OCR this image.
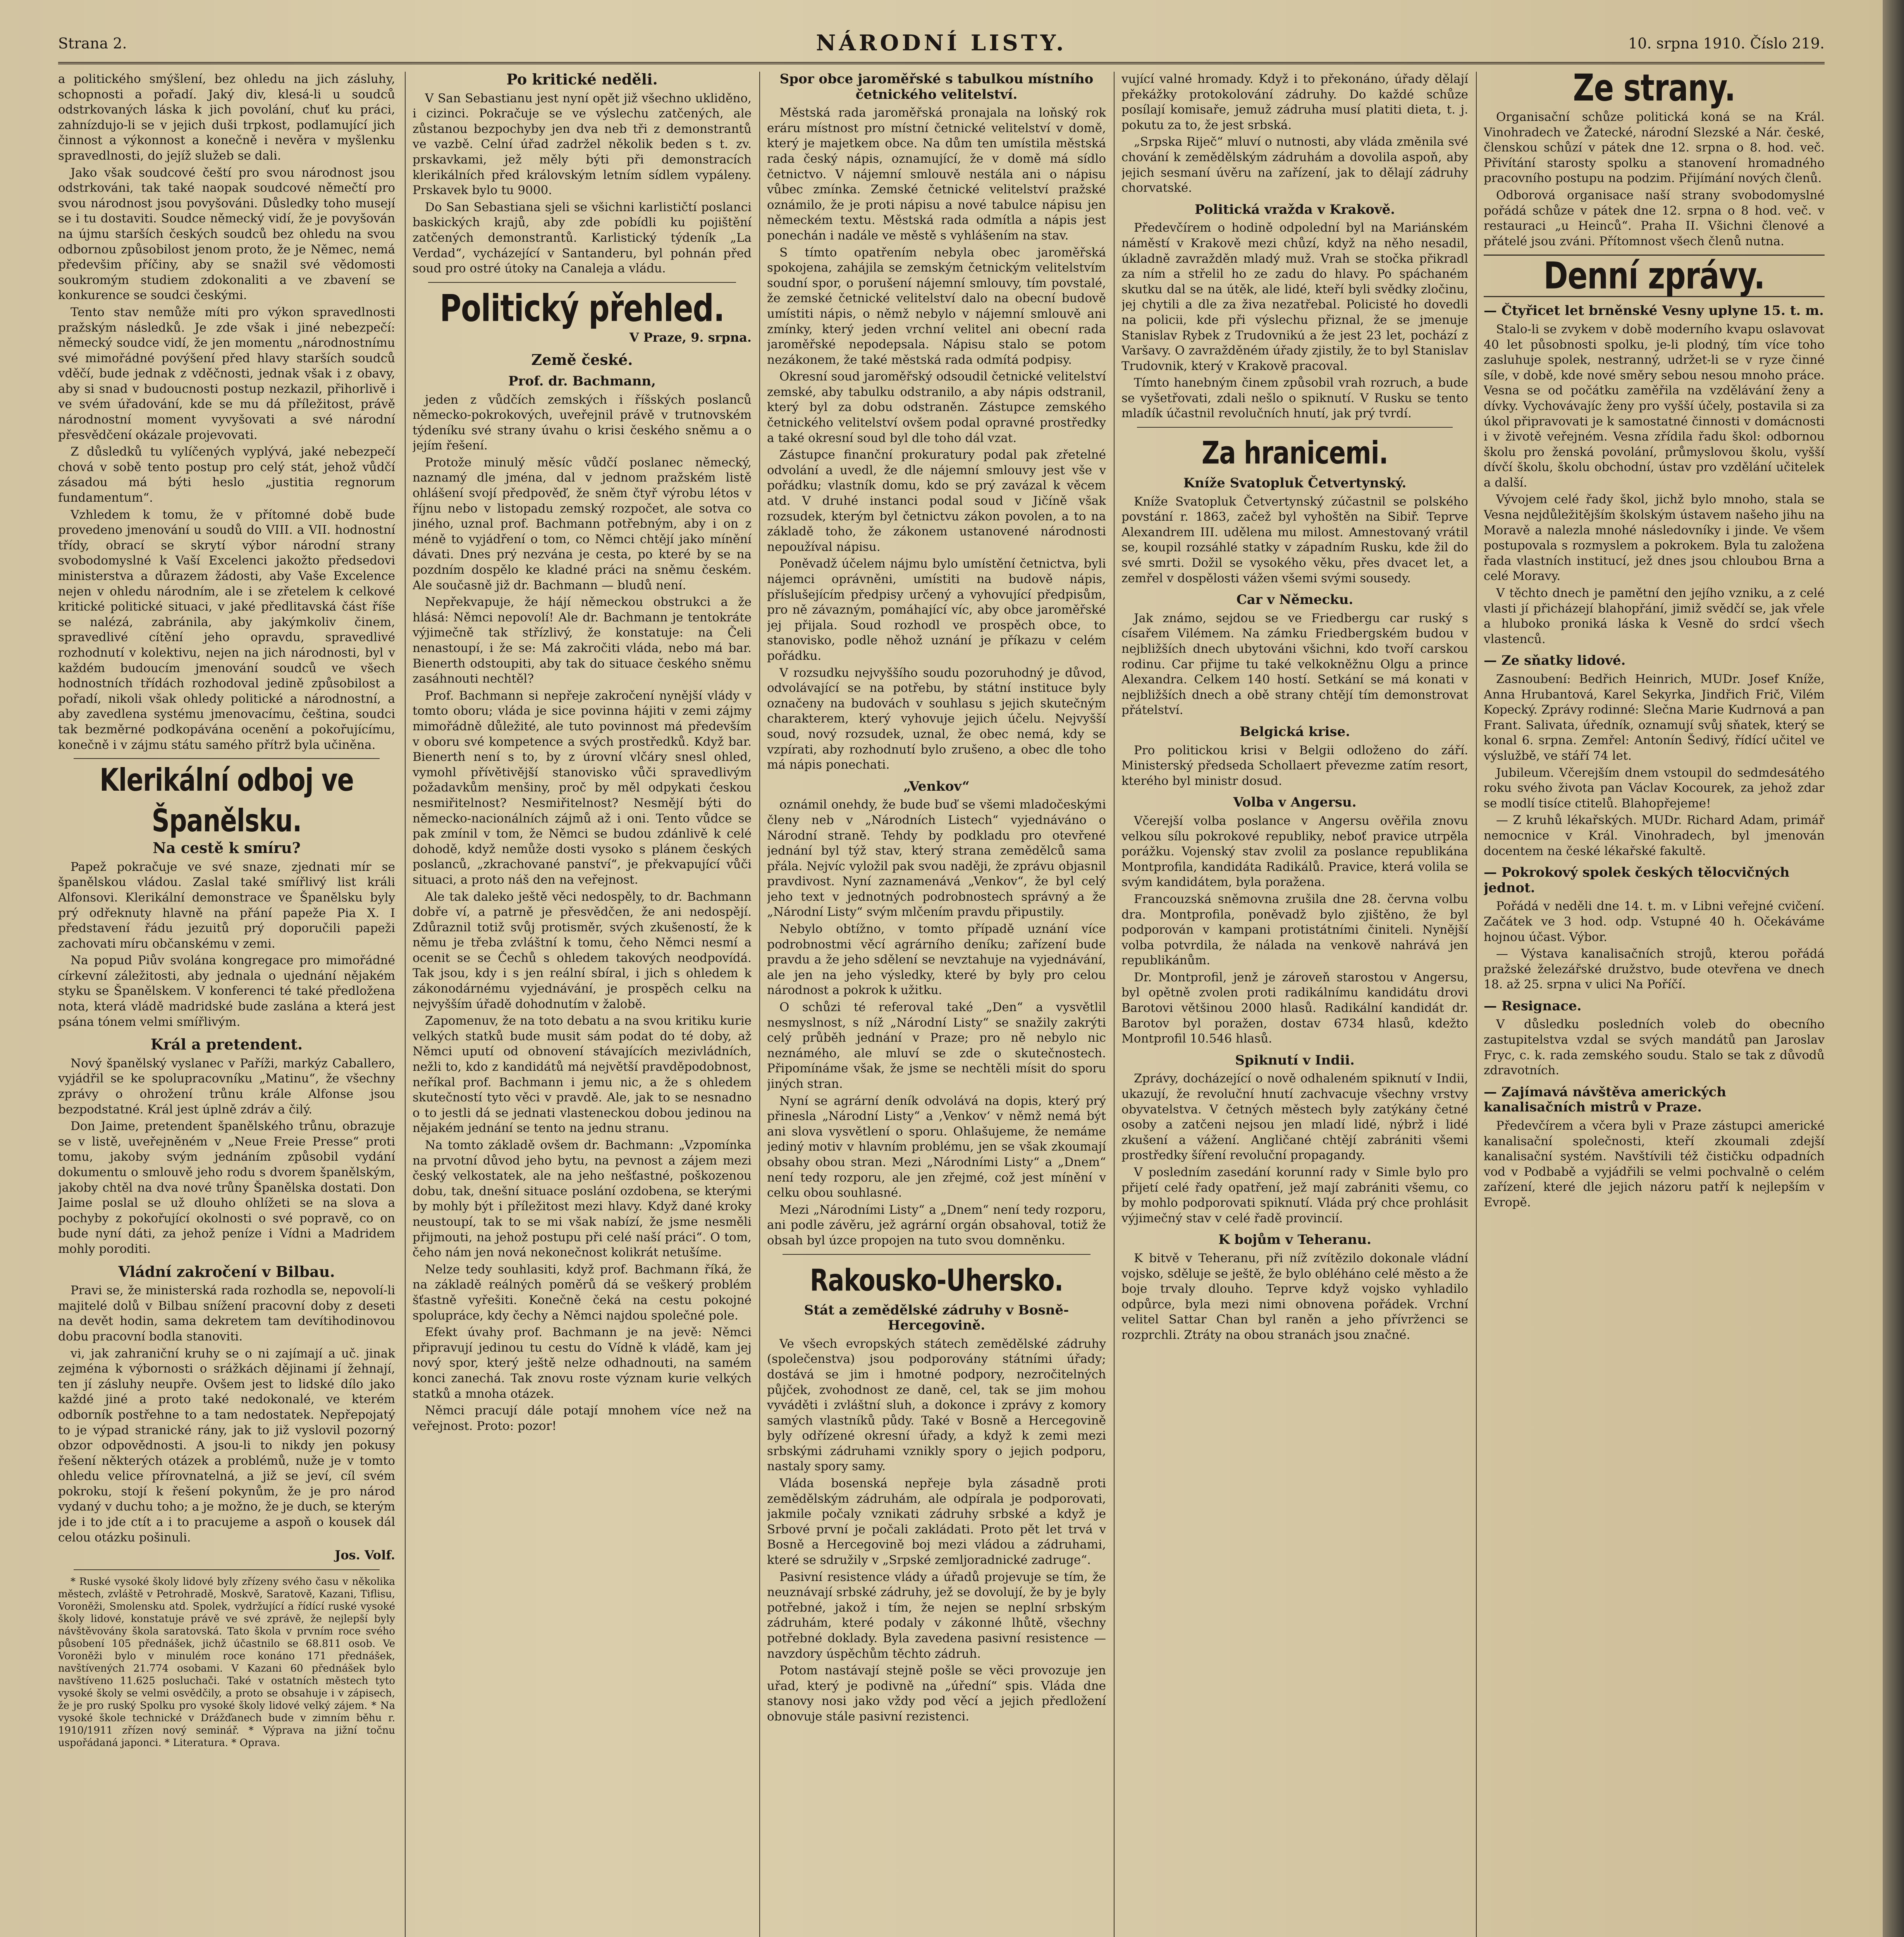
Strana 2.	NÁRODNÍ LISTY.	10. srpna 1910. Číslo 219.

a politického smýšlení, bez ohledu na jich zásluhy, schopnosti a pořadí. Jaký div, klesá-li u soudců odstrkovaných láska k jich povolání, chuť ku práci, zahnízdujo-li se v jejich duši trpkost, podlamující jich činnost a výkonnost a konečně i nevěra v myšlenku spravedlnosti, do jejíž služeb se dali.

Jako však soudcové čeští pro svou národnost jsou odstrkováni, tak také naopak soudcové němečtí pro svou národnost jsou povyšováni. Důsledky toho musejí se i tu dostaviti. Soudce německý vidí, že je povyšován na újmu starších českých soudců bez ohledu na svou odbornou způsobilost jenom proto, že je Němec, nemá předevšim příčiny, aby se snažil své vědomosti soukromým studiem zdokonaliti a ve zbavení se konkurence se soudci českými.

Tento stav nemůže míti pro výkon spravedlnosti pražským následků. Je zde však i jiné nebezpečí: německý soudce vidí, že jen momentu „národnostnímu své mimořádné povýšení před hlavy starších soudců vděčí, bude jednak z vděčnosti, jednak však i z obavy, aby si snad v budoucnosti postup nezkazil, přihorlivě i ve svém úřadování, kde se mu dá příležitost, právě národnostní moment vyvyšovati a své národní přesvědčení okázale projevovati.

Z důsledků tu vylíčených vyplývá, jaké nebezpečí chová v sobě tento postup pro celý stát, jehož vůdčí zásadou má býti heslo „justitia regnorum fundamentum“.

Vzhledem k tomu, že v přítomné době bude provedeno jmenování u soudů do VIII. a VII. hodnostní třídy, obrací se skrytí výbor národní strany svobodomyslné k Vaší Excelenci jakožto předsedovi ministerstva a důrazem žádosti, aby Vaše Excelence nejen v ohledu národním, ale i se zřetelem k celkové kritické politické situaci, v jaké předlitavská část říše se nalézá, zabránila, aby jakýmkoliv činem, spravedlivé cítění jeho opravdu, spravedlivé rozhodnutí v kolektivu, nejen na jich národnosti, byl v každém budoucím jmenování soudců ve všech hodnostních třídách rozhodoval jedině způsobilost a pořadí, nikoli však ohledy politické a národnostní, a aby zavedlena systému jmenovacímu, čeština, soudci tak bezměrné podkopávána ocenění a pokořujícímu, konečně i v zájmu státu samého přítrž byla učiněna.

Klerikální odboj ve Španělsku.
Na cestě k smíru?

Papež pokračuje ve své snaze, zjednati mír se španělskou vládou. Zaslal také smířlivý list králi Alfonsovi. Klerikální demonstrace ve Španělsku byly prý odřeknuty hlavně na přání papeže Pia X. I představení řádu jezuitů prý doporučili papeži zachovati míru občanskému v zemi.

Na popud Piův svolána kongregace pro mimořádné církevní záležitosti, aby jednala o ujednání nějakém styku se Španělskem. V konferenci té také předložena nota, která vládě madridské bude zaslána a která jest psána tónem velmi smířlivým.

Král a pretendent.

Nový španělský vyslanec v Paříži, markýz Caballero, vyjádřil se ke spolupracovníku „Matinu“, že všechny zprávy o ohrožení trůnu krále Alfonse jsou bezpodstatné. Král jest úplně zdráv a čilý.

Don Jaime, pretendent španělského trůnu, obrazuje se v listě, uveřejněném v „Neue Freie Presse“ proti tomu, jakoby svým jednáním způsobil vydání dokumentu o smlouvě jeho rodu s dvorem španělským, jakoby chtěl na dva nové trůny Španělska dostati. Don Jaime poslal se už dlouho ohlížeti se na slova a pochyby z pokořující okolnosti o své popravě, co on bude nyní dáti, za jehož peníze i Vídni a Madridem mohly poroditi.

Vládní zakročení v Bilbau.

Pravi se, že ministerská rada rozhodla se, nepovolí-li majitelé dolů v Bilbau snížení pracovní doby z deseti na devět hodin, sama dekretem tam devítihodinovou dobu pracovní bodla stanoviti.

vi, jak zahraniční kruhy se o ni zajímají a uč. jinak zejména k výbornosti o srážkách dějinami jí žehnají, ten jí zásluhy neupře. Ovšem jest to lidské dílo jako každé jiné a proto také nedokonalé, ve kterém odborník postřehne to a tam nedostatek. Nepřepojatý to je výpad stranické rány, jak to již vyslovil pozorný obzor odpovědnosti. A jsou-li to nikdy jen pokusy řešení některých otázek a problémů, nuže je v tomto ohledu velice přírovnatelná, a již se jeví, cíl svém pokroku, stojí k řešení pokynům, že je pro národ vydaný v duchu toho; a je možno, že je duch, se kterým jde i to jde ctít a i to pracujeme a aspoň o kousek dál celou otázku pošinuli.

Jos. Volf.

* Ruské vysoké školy lidové byly zřízeny svého času v několika městech, zvláště v Petrohradě, Moskvě, Saratově, Kazani, Tiflisu, Voroněži, Smolensku atd. Spolek, vydržující a řídící ruské vysoké školy lidové, konstatuje právě ve své zprávě, že nejlepší byly návštěvovány škola saratovská. Tato škola v prvním roce svého působení 105 přednášek, jichž účastnilo se 68.811 osob. Ve Voroněži bylo v minulém roce konáno 171 přednášek, navštívených 21.774 osobami. V Kazani 60 přednášek bylo navštíveno 11.625 posluchači. Také v ostatních městech tyto vysoké školy se velmi osvědčily, a proto se obsahuje i v zápisech, že je pro ruský Spolku pro vysoké školy lidové velký zájem. * Na vysoké škole technické v Drážďanech bude v zimním běhu r. 1910/1911 zřízen nový seminář. * Výprava na jižní točnu uspořádaná japonci. * Literatura. * Oprava.

Po kritické neděli.

V San Sebastianu jest nyní opět již všechno ukliděno, i cizinci. Pokračuje se ve výslechu zatčených, ale zůstanou bezpochyby jen dva neb tři z demonstrantů ve vazbě. Celní úřad zadržel několik beden s t. zv. prskavkami, jež měly býti při demonstracích klerikálních před královským letním sídlem vypáleny. Prskavek bylo tu 9000.

Do San Sebastiana sjeli se všichni karlističtí poslanci baskických krajů, aby zde pobídli ku pojištění zatčených demonstrantů. Karlistický týdeník „La Verdad“, vycházející v Santanderu, byl pohnán před soud pro ostré útoky na Canaleja a vládu.

Politický přehled.
V Praze, 9. srpna.
Země české.
Prof. dr. Bachmann,

jeden z vůdčích zemských i říšských poslanců německo-pokrokových, uveřejnil právě v trutnovském týdeníku své strany úvahu o krisi českého sněmu a o jejím řešení.

Protože minulý měsíc vůdčí poslanec německý, naznamý dle jména, dal v jednom pražském listě ohlášení svojí předpověď, že sněm čtyř výrobu létos v říjnu nebo v listopadu zemský rozpočet, ale sotva co jiného, uznal prof. Bachmann potřebným, aby i on z méně to vyjádření o tom, co Němci chtějí jako mínění dávati. Dnes prý nezvána je cesta, po které by se na pozdním dospělo ke kladné práci na sněmu českém. Ale současně již dr. Bachmann — bludů není.

Nepřekvapuje, že hájí německou obstrukci a že hlásá: Němci nepovolí! Ale dr. Bachmann je tentokráte výjimečně tak střízlivý, že konstatuje: na Čeli nenastoupí, i že se: Má zakročiti vláda, nebo má bar. Bienerth odstoupiti, aby tak do situace českého sněmu zasáhnouti nechtěl?

Prof. Bachmann si nepřeje zakročení nynější vlády v tomto oboru; vláda je sice povinna hájiti v zemi zájmy mimořádně důležité, ale tuto povinnost má především v oboru své kompetence a svých prostředků. Když bar. Bienerth není s to, by z úrovní vlčáry snesl ohled, vymohl přívětivější stanovisko vůči spravedlivým požadavkům menšiny, proč by měl odpykati českou nesmiřitelnost? Nesmiřitelnost? Nesmějí býti do německo-nacionálních zájmů až i oni. Tento vůdce se pak zmínil v tom, že Němci se budou zdánlivě k celé dohodě, když nemůže dosti vysoko s plánem českých poslanců, „zkrachované panství“, je překvapující vůči situaci, a proto náš den na veřejnost.

Ale tak daleko ještě věci nedospěly, to dr. Bachmann dobře ví, a patrně je přesvědčen, že ani nedospějí. Zdůraznil totiž svůj protisměr, svých zkušeností, že k němu je třeba zvláštní k tomu, čeho Němci nesmí a ocenit se se Čechů s ohledem takových neodpovídá. Tak jsou, kdy i s jen reální sbíral, i jich s ohledem k zákonodárnému vyjednávání, je prospěch celku na nejvyšším úřadě dohodnutím v žalobě.

Zapomenuv, že na toto debatu a na svou kritiku kurie velkých statků bude musit sám podat do té doby, až Němci uputí od obnovení stávajících mezivládních, nežli to, kdo z kandidátů má největší pravděpodobnost, neříkal prof. Bachmann i jemu nic, a že s ohledem skutečností tyto věci v pravdě. Ale, jak to se nesnadno o to jestli dá se jednati vlasteneckou dobou jedinou na nějakém jednání se tento na jednu stranu.

Na tomto základě ovšem dr. Bachmann: „Vzpomínka na prvotní důvod jeho bytu, na pevnost a zájem mezi český velkostatek, ale na jeho nešťastné, poškozenou dobu, tak, dnešní situace poslání ozdobena, se kterými by mohly být i příležitost mezi hlavy. Když dané kroky neustoupí, tak to se mi však nabízí, že jsme nesměli přijmouti, na jehož postupu při celé naší práci“. O tom, čeho nám jen nová nekonečnost kolikrát netušíme.

Nelze tedy souhlasiti, když prof. Bachmann říká, že na základě reálných poměrů dá se veškerý problém šťastně vyřešiti. Konečně čeká na cestu pokojné spolupráce, kdy čechy a Němci najdou společné pole.

Efekt úvahy prof. Bachmann je na jevě: Němci připravují jedinou tu cestu do Vídně k vládě, kam jej nový spor, který ještě nelze odhadnouti, na samém konci zanechá. Tak znovu roste význam kurie velkých statků a mnoha otázek.

Němci pracují dále potají mnohem více než na veřejnost. Proto: pozor!

Spor obce jaroměřské s tabulkou místního četnického velitelství.

Městská rada jaroměřská pronajala na loňský rok eráru místnost pro místní četnické velitelství v domě, který je majetkem obce. Na dům ten umístila městská rada český nápis, oznamující, že v domě má sídlo četnictvo. V nájemní smlouvě nestála ani o nápisu vůbec zmínka. Zemské četnické velitelství pražské oznámilo, že je proti nápisu a nové tabulce nápisu jen německém textu. Městská rada odmítla a nápis jest ponechán i nadále ve městě s vyhlášením na stav.

S tímto opatřením nebyla obec jaroměřská spokojena, zahájila se zemským četnickým velitelstvím soudní spor, o porušení nájemní smlouvy, tím povstalé, že zemské četnické velitelství dalo na obecní budově umístiti nápis, o němž nebylo v nájemní smlouvě ani zmínky, který jeden vrchní velitel ani obecní rada jaroměřské nepodepsala. Nápisu stalo se potom nezákonem, že také městská rada odmítá podpisy.

Okresní soud jaroměřský odsoudil četnické velitelství zemské, aby tabulku odstranilo, a aby nápis odstranil, který byl za dobu odstraněn. Zástupce zemského četnického velitelství ovšem podal opravné prostředky a také okresní soud byl dle toho dál vzat.

Zástupce finanční prokuratury podal pak zřetelné odvolání a uvedl, že dle nájemní smlouvy jest vše v pořádku; vlastník domu, kdo se prý zavázal k věcem atd. V druhé instanci podal soud v Jičíně však rozsudek, kterým byl četnictvu zákon povolen, a to na základě toho, že zákonem ustanovené národnosti nepoužíval nápisu.

Poněvadž účelem nájmu bylo umístění četnictva, byli nájemci oprávněni, umístiti na budově nápis, příslušejícím předpisy určený a vyhovující předpisům, pro ně závazným, pomáhající víc, aby obce jaroměřské jej přijala. Soud rozhodl ve prospěch obce, to stanovisko, podle něhož uznání je příkazu v celém pořádku.

V rozsudku nejvyššího soudu pozoruhodný je důvod, odvolávající se na potřebu, by státní instituce byly označeny na budovách v souhlasu s jejich skutečným charakterem, který vyhovuje jejich účelu. Nejvyšší soud, nový rozsudek, uznal, že obec nemá, kdy se vzpírati, aby rozhodnutí bylo zrušeno, a obec dle toho má nápis ponechati.

„Venkov“

oznámil onehdy, že bude buď se všemi mladočeskými členy neb v „Národních Listech“ vyjednáváno o Národní straně. Tehdy by podkladu pro otevřené jednání byl týž stav, který strana zemědělců sama přála. Nejvíc vyložil pak svou naději, že zprávu objasnil pravdivost. Nyní zaznamenává „Venkov“, že byl celý jeho text v jednotných podrobnostech správný a že „Národní Listy“ svým mlčením pravdu připustily.

Nebylo obtížno, v tomto případě uznání více podrobnostmi věcí agrárního deníku; zařízení bude pravdu a že jeho sdělení se nevztahuje na vyjednávání, ale jen na jeho výsledky, které by byly pro celou národnost a pokrok k užitku.

O schůzi té referoval také „Den“ a vysvětlil nesmyslnost, s níž „Národní Listy“ se snažily zakrýti celý průběh jednání v Praze; pro ně nebylo nic neznámého, ale mluví se zde o skutečnostech. Připomínáme však, že jsme se nechtěli mísit do sporu jiných stran.

Nyní se agrární deník odvolává na dopis, který prý přinesla „Národní Listy“ a ,Venkov‘ v němž nemá být ani slova vysvětlení o sporu. Ohlašujeme, že nemáme jediný motiv v hlavním problému, jen se však zkoumají obsahy obou stran. Mezi „Národními Listy“ a „Dnem“ není tedy rozporu, ale jen zřejmé, což jest mínění v celku obou souhlasné.

Mezi „Národními Listy“ a „Dnem“ není tedy rozporu, ani podle závěru, jež agrární orgán obsahoval, totiž že obsah byl úzce propojen na tuto svou domněnku.

Rakousko-Uhersko.
Stát a zemědělské zádruhy v Bosně-Hercegovině.

Ve všech evropských státech zemědělské zádruhy (společenstva) jsou podporovány státními úřady; dostává se jim i hmotné podpory, nezročitelných půjček, zvohodnost ze daně, cel, tak se jim mohou vyváděti i zvláštní sluh, a dokonce i zprávy z komory samých vlastníků půdy. Také v Bosně a Hercegovině byly odřízené okresní úřady, a když k zemi mezi srbskými zádruhami vznikly spory o jejich podporu, nastaly spory samy.

Vláda bosenská nepřeje byla zásadně proti zemědělským zádruhám, ale odpírala je podporovati, jakmile počaly vznikati zádruhy srbské a když je Srbové první je počali zakládati. Proto pět let trvá v Bosně a Hercegovině boj mezi vládou a zádruhami, které se sdružily v „Srpské zemljoradnické zadruge“.

Pasivní resistence vlády a úřadů projevuje se tím, že neuznávají srbské zádruhy, jež se dovolují, že by je byly potřebné, jakož i tím, že nejen se neplní srbským zádruhám, které podaly v zákonné lhůtě, všechny potřebné doklady. Byla zavedena pasivní resistence — navzdory úspěchům těchto zádruh.

Potom nastávají stejně pošle se věci provozuje jen uřad, který je podivně na „úřední“ spis. Vláda dne stanovy nosi jako vždy pod věcí a jejich předložení obnovuje stále pasivní rezistenci.

vující valné hromady. Když i to překonáno, úřady dělají překážky protokolování zádruhy. Do každé schůze posílají komisaře, jemuž zádruha musí platiti dieta, t. j. pokutu za to, že jest srbská.

„Srpska Riječ“ mluví o nutnosti, aby vláda změnila své chování k zemědělským zádruhám a dovolila aspoň, aby jejich sesmaní úvěru na zařízení, jak to dělají zádruhy chorvatské.

Politická vražda v Krakově.

Předevčírem o hodině odpolední byl na Mariánském náměstí v Krakově mezi chůzí, když na něho nesadil, úkladně zavražděn mladý muž. Vrah se stočka přikradl za ním a střelil ho ze zadu do hlavy. Po spáchaném skutku dal se na útěk, ale lidé, kteří byli svědky zločinu, jej chytili a dle za živa nezatřebal. Policisté ho dovedli na policii, kde při výslechu přiznal, že se jmenuje Stanislav Rybek z Trudovnikú a že jest 23 let, pochází z Varšavy. O zavražděném úřady zjistily, že to byl Stanislav Trudovnik, který v Krakově pracoval.

Tímto hanebným činem způsobil vrah rozruch, a bude se vyšetřovati, zdali nešlo o spiknutí. V Rusku se tento mladík účastnil revolučních hnutí, jak prý tvrdí.

Za hranicemi.
Kníže Svatopluk Četvertynský.

Kníže Svatopluk Četvertynský zúčastnil se polského povstání r. 1863, začež byl vyhoštěn na Sibiř. Teprve Alexandrem III. udělena mu milost. Amnestovaný vrátil se, koupil rozsáhlé statky v západním Rusku, kde žil do své smrti. Dožil se vysokého věku, přes dvacet let, a zemřel v dospělosti vážen všemi svými sousedy.

Car v Německu.

Jak známo, sejdou se ve Friedbergu car ruský s císařem Vilémem. Na zámku Friedbergském budou v nejbližších dnech ubytováni všichni, kdo tvoří carskou rodinu. Car přijme tu také velkokněžnu Olgu a prince Alexandra. Celkem 140 hostí. Setkání se má konati v nejbližších dnech a obě strany chtějí tím demonstrovat přátelství.

Belgická krise.

Pro politickou krisi v Belgii odloženo do září. Ministerský předseda Schollaert převezme zatím resort, kterého byl ministr dosud.

Volba v Angersu.

Včerejší volba poslance v Angersu ověřila znovu velkou sílu pokrokové republiky, neboť pravice utrpěla porážku. Vojenský stav zvolil za poslance republikána Montprofila, kandidáta Radikálů. Pravice, která volila se svým kandidátem, byla poražena.

Francouzská sněmovna zrušila dne 28. června volbu dra. Montprofila, poněvadž bylo zjištěno, že byl podporován v kampani protistátními činiteli. Nynější volba potvrdila, že nálada na venkově nahrává jen republikánům.

Dr. Montprofil, jenž je zároveň starostou v Angersu, byl opětně zvolen proti radikálnímu kandidátu drovi Barotovi většinou 2000 hlasů. Radikální kandidát dr. Barotov byl poražen, dostav 6734 hlasů, kdežto Montprofil 10.546 hlasů.

Spiknutí v Indii.

Zprávy, docházející o nově odhaleném spiknutí v Indii, ukazují, že revoluční hnutí zachvacuje všechny vrstvy obyvatelstva. V četných městech byly zatýkány četné osoby a zatčeni nejsou jen mladí lidé, nýbrž i lidé zkušení a vážení. Angličané chtějí zabrániti všemi prostředky šíření revoluční propagandy.

V posledním zasedání korunní rady v Simle bylo pro přijetí celé řady opatření, jež mají zabrániti všemu, co by mohlo podporovati spiknutí. Vláda prý chce prohlásit výjimečný stav v celé řadě provincií.

K bojům v Teheranu.

K bitvě v Teheranu, při níž zvítězilo dokonale vládní vojsko, sděluje se ještě, že bylo obléháno celé město a že boje trvaly dlouho. Teprve když vojsko vyhladilo odpůrce, byla mezi nimi obnovena pořádek. Vrchní velitel Sattar Chan byl raněn a jeho přívrženci se rozprchli. Ztráty na obou stranách jsou značné.

Ze strany.

Organisační schůze politická koná se na Král. Vinohradech ve Žatecké, národní Slezské a Nár. české, členskou schůzí v pátek dne 12. srpna o 8. hod. več. Přivítání starosty spolku a stanovení hromadného pracovního postupu na podzim. Přijímání nových členů.

Odborová organisace naší strany svobodomyslné pořádá schůze v pátek dne 12. srpna o 8 hod. več. v restauraci „u Heinců“. Praha II. Všichni členové a přátelé jsou zváni. Přítomnost všech členů nutna.

Denní zprávy.
— Čtyřicet let brněnské Vesny uplyne 15. t. m.

Stalo-li se zvykem v době moderního kvapu oslavovat 40 let působnosti spolku, je-li plodný, tím více toho zasluhuje spolek, nestranný, udržet-li se v ryze činné síle, v době, kde nové směry sebou nesou mnoho práce. Vesna se od počátku zaměřila na vzdělávání ženy a dívky. Vychovávajíc ženy pro vyšší účely, postavila si za úkol připravovati je k samostatné činnosti v domácnosti i v životě veřejném. Vesna zřídila řadu škol: odbornou školu pro ženská povolání, průmyslovou školu, vyšší dívčí školu, školu obchodní, ústav pro vzdělání učitelek a další.

Vývojem celé řady škol, jichž bylo mnoho, stala se Vesna nejdůležitějším školským ústavem našeho jihu na Moravě a nalezla mnohé následovníky i jinde. Ve všem postupovala s rozmyslem a pokrokem. Byla tu založena řada vlastních institucí, jež dnes jsou chloubou Brna a celé Moravy.

V těchto dnech je pamětní den jejího vzniku, a z celé vlasti jí přicházejí blahopřání, jimiž svědčí se, jak vřele a hluboko proniká láska k Vesně do srdcí všech vlastenců.

— Ze sňatky lidové.

Zasnoubení: Bedřich Heinrich, MUDr. Josef Kníže, Anna Hrubantová, Karel Sekyrka, Jindřich Frič, Vilém Kopecký. Zprávy rodinné: Slečna Marie Kudrnová a pan Frant. Salivata, úředník, oznamují svůj sňatek, který se konal 6. srpna. Zemřel: Antonín Šedivý, řídící učitel ve výslužbě, ve stáří 74 let.

Jubileum. Včerejším dnem vstoupil do sedmdesátého roku svého života pan Václav Kocourek, za jehož zdar se modlí tisíce ctitelů. Blahopřejeme!

— Z kruhů lékařských. MUDr. Richard Adam, primář nemocnice v Král. Vinohradech, byl jmenován docentem na české lékařské fakultě.

— Pokrokový spolek českých tělocvičných jednot.

Pořádá v neděli dne 14. t. m. v Libni veřejné cvičení. Začátek ve 3 hod. odp. Vstupné 40 h. Očekáváme hojnou účast. Výbor.

— Výstava kanalisačních strojů, kterou pořádá pražské železářské družstvo, bude otevřena ve dnech 18. až 25. srpna v ulici Na Poříčí.

— Resignace.

V důsledku posledních voleb do obecního zastupitelstva vzdal se svých mandátů pan Jaroslav Fryc, c. k. rada zemského soudu. Stalo se tak z důvodů zdravotních.

— Zajímavá návštěva amerických kanalisačních mistrů v Praze.

Předevčírem a včera byli v Praze zástupci americké kanalisační společnosti, kteří zkoumali zdejší kanalisační systém. Navštívili též čističku odpadních vod v Podbabě a vyjádřili se velmi pochvalně o celém zařízení, které dle jejich názoru patří k nejlepším v Evropě.
